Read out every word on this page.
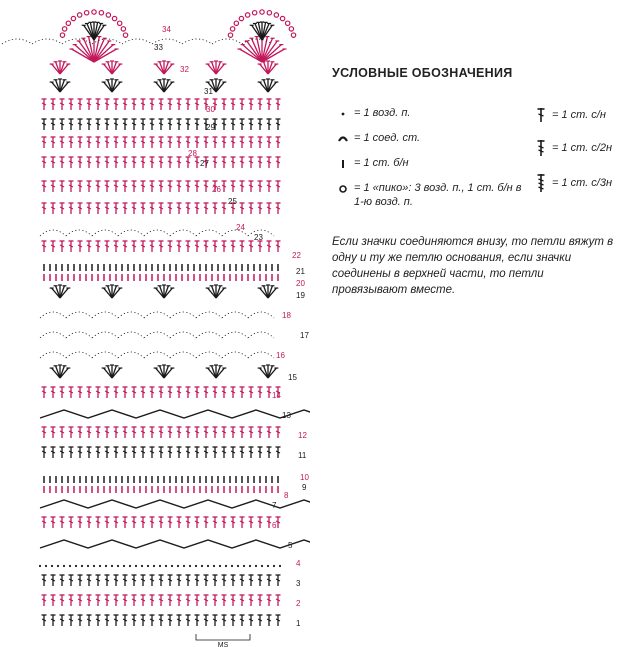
MS
1
2
3
4
5
6
7
8
9
10
11
12
13
14
15
16
17
18
19
20
21
22
23
24
25
26
27
28
29
30
31
32
33
34
УСЛОВНЫЕ ОБОЗНАЧЕНИЯ
= 1 возд. п.
= 1 соед. ст.
= 1 ст. б/н
= 1 «пико»: 3 возд. п., 1 ст. б/н в 1-ю возд. п.
= 1 ст. с/н
= 1 ст. с/2н
= 1 ст. с/3н
Если значки соединяются внизу, то петли вяжут в одну и ту же петлю основания, если значки соединены в верхней части, то петли провязывают вместе.
